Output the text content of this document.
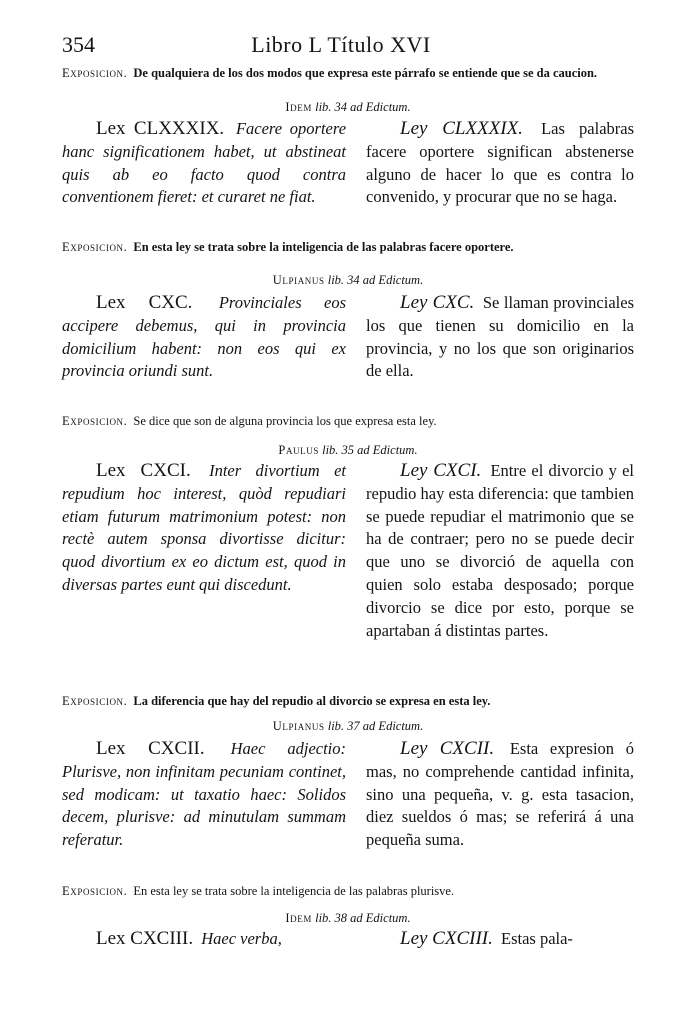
354	Libro L Título XVI
Exposicion. De qualquiera de los dos modos que expresa este párrafo se entiende que se da caucion.
Idem lib. 34 ad Edictum.
Lex CLXXXIX. Facere oportere hanc significationem habet, ut abstineat quis ab eo facto quod contra conventionem fieret: et curaret ne fiat.
Ley CLXXXIX. Las palabras facere oportere significan abstenerse alguno de hacer lo que es contra lo convenido, y procurar que no se haga.
Exposicion. En esta ley se trata sobre la inteligencia de las palabras facere oportere.
Ulpianus lib. 34 ad Edictum.
Lex CXC. Provinciales eos accipere debemus, qui in provincia domicilium habent: non eos qui ex provincia oriundi sunt.
Ley CXC. Se llaman provinciales los que tienen su domicilio en la provincia, y no los que son originarios de ella.
Exposicion. Se dice que son de alguna provincia los que expresa esta ley.
Paulus lib. 35 ad Edictum.
Lex CXCI. Inter divortium et repudium hoc interest, quòd repudiari etiam futurum matrimonium potest: non rectè autem sponsa divortisse dicitur: quod divortium ex eo dictum est, quod in diversas partes eunt qui discedunt.
Ley CXCI. Entre el divorcio y el repudio hay esta diferencia: que tambien se puede repudiar el matrimonio que se ha de contraer; pero no se puede decir que uno se divorció de aquella con quien solo estaba desposado; porque divorcio se dice por esto, porque se apartaban á distintas partes.
Exposicion. La diferencia que hay del repudio al divorcio se expresa en esta ley.
Ulpianus lib. 37 ad Edictum.
Lex CXCII. Haec adjectio: Plurisve, non infinitam pecuniam continet, sed modicam: ut taxatio haec: Solidos decem, plurisve: ad minutulam summam referatur.
Ley CXCII. Esta expresion ó mas, no comprehende cantidad infinita, sino una pequeña, v. g. esta tasacion, diez sueldos ó mas; se referirá á una pequeña suma.
Exposicion. En esta ley se trata sobre la inteligencia de las palabras plurisve.
Idem lib. 38 ad Edictum.
Lex CXCIII. Haec verba,	Ley CXCIII. Estas pala-
